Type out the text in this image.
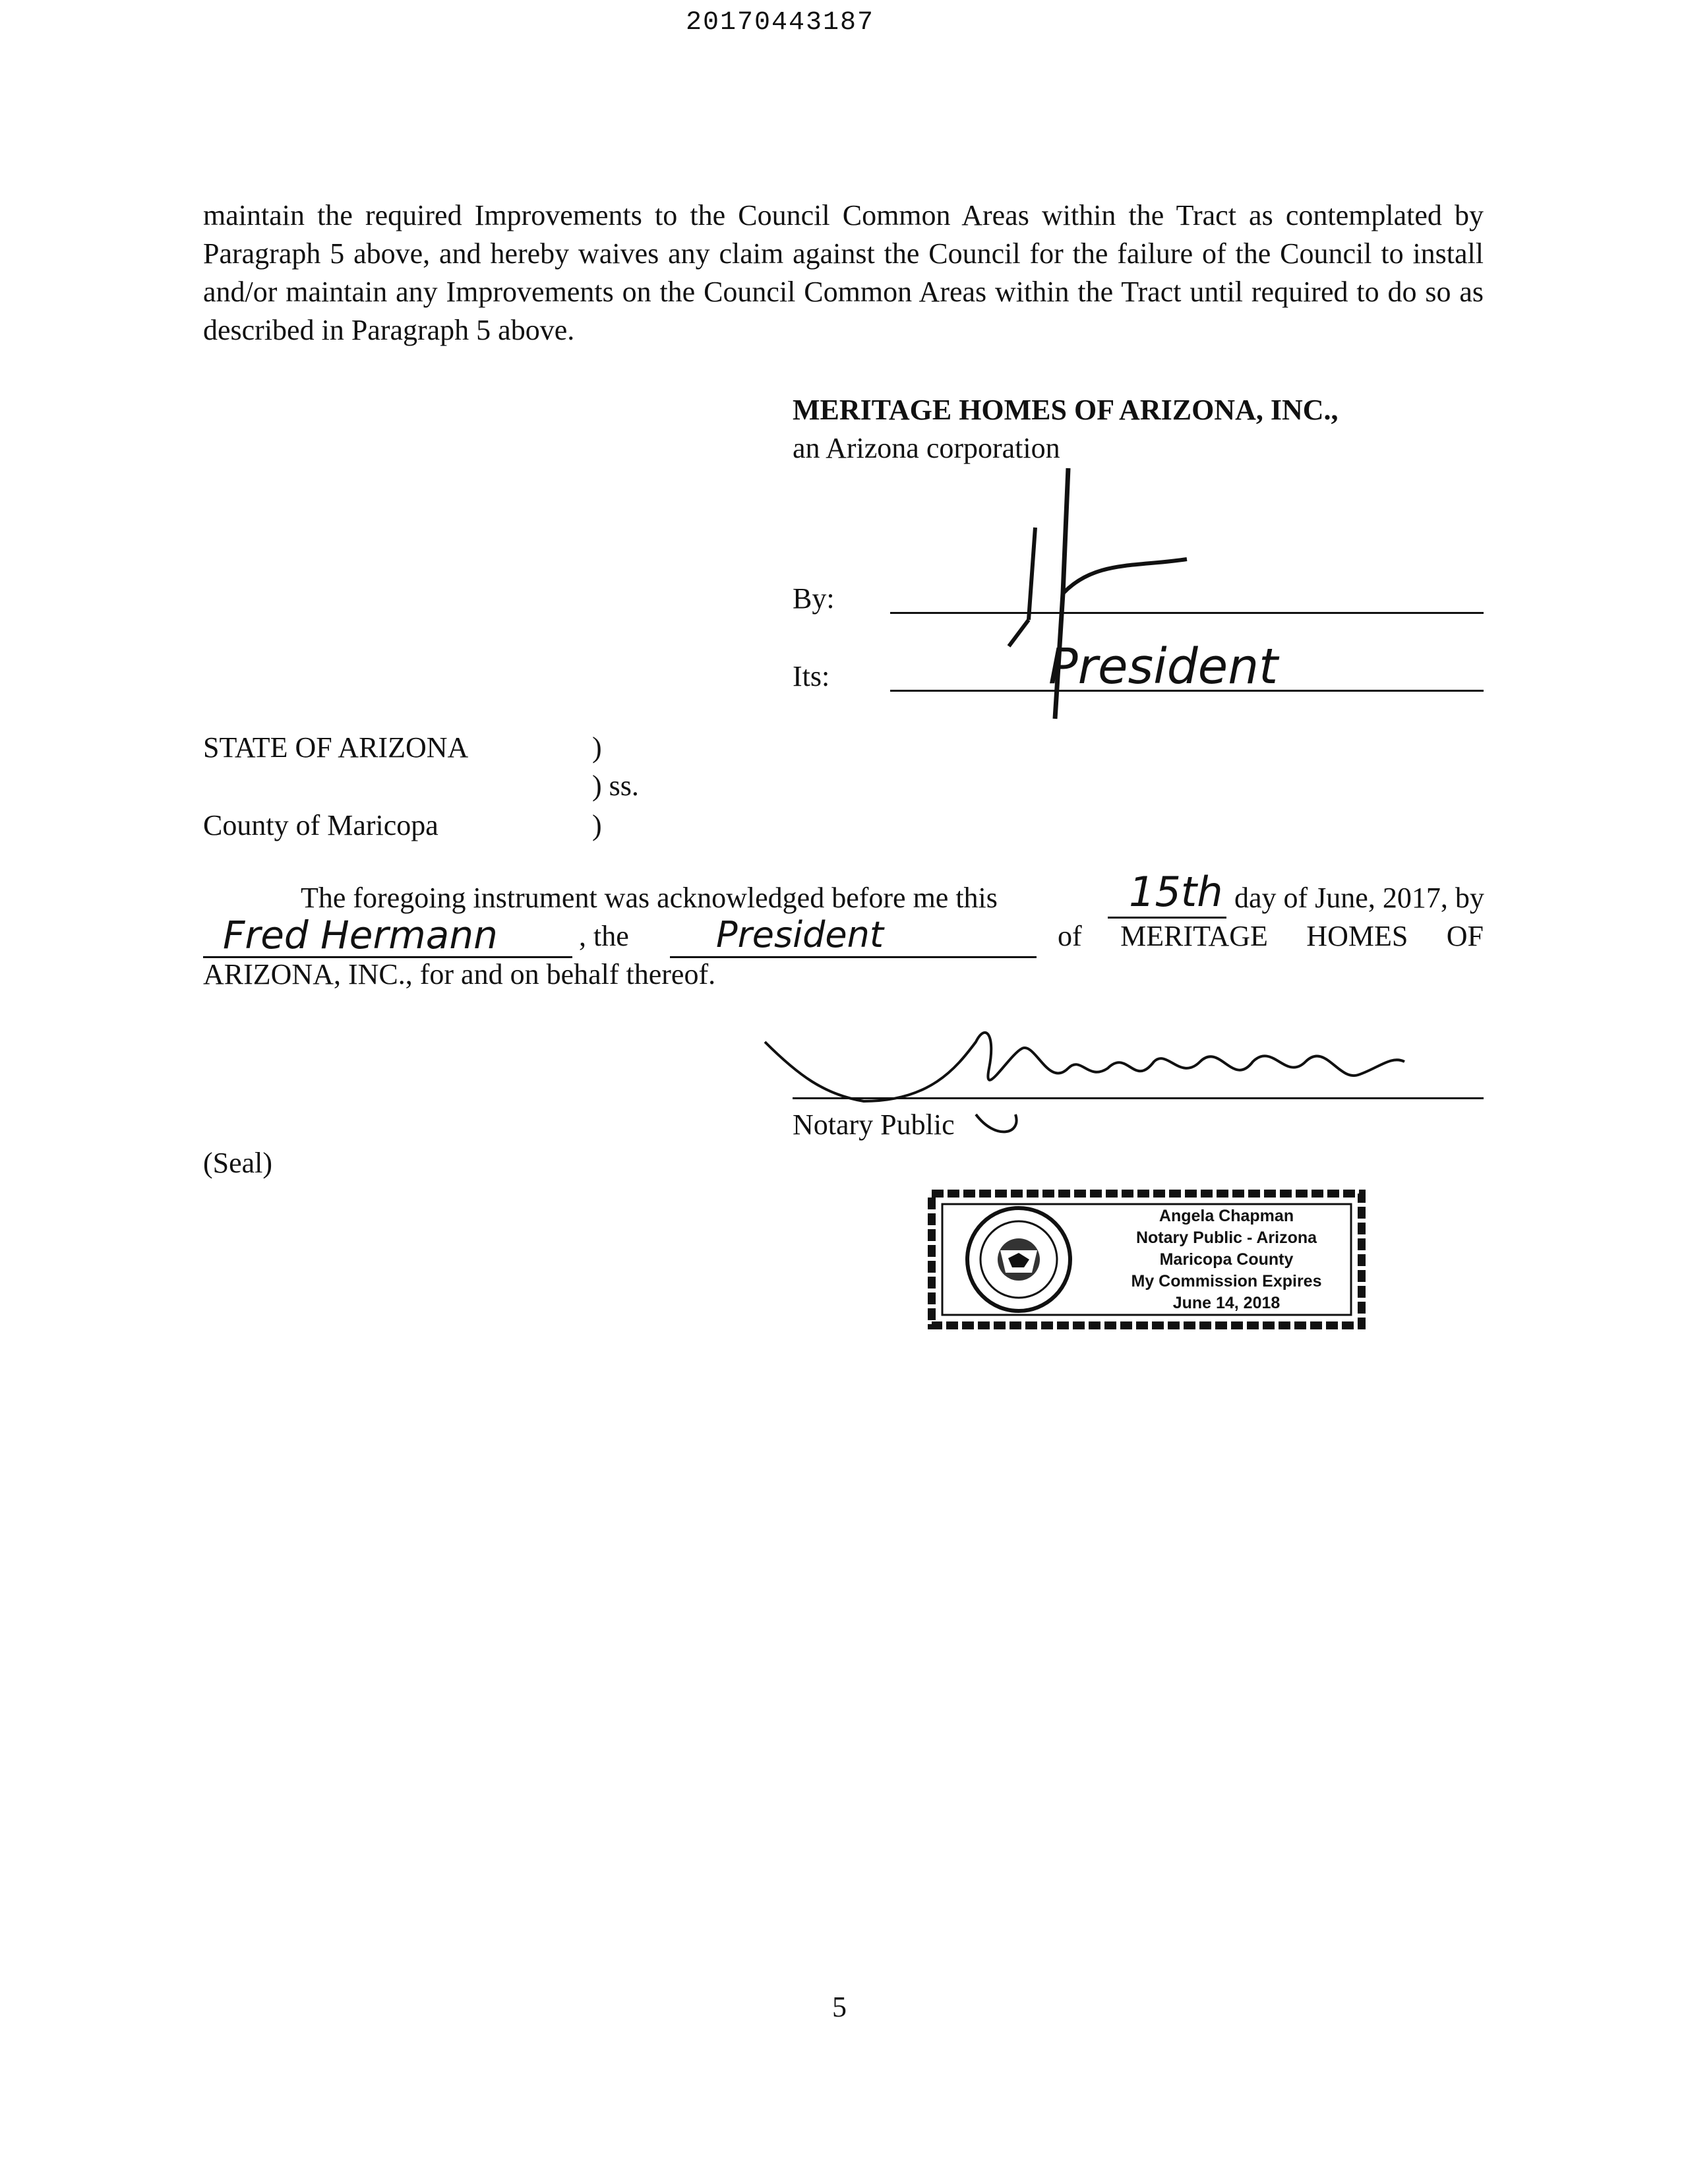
20170443187
maintain the required Improvements to the Council Common Areas within the Tract as contemplated by Paragraph 5 above, and hereby waives any claim against the Council for the failure of the Council to install and/or maintain any Improvements on the Council Common Areas within the Tract until required to do so as described in Paragraph 5 above.
MERITAGE HOMES OF ARIZONA, INC.,
an Arizona corporation
By:
Its:	President
STATE OF ARIZONA	)
) ss.
County of Maricopa	)
The foregoing instrument was acknowledged before me this	15th day of June, 2017, by
Fred Hermann	, the President	of MERITAGE HOMES OF
ARIZONA, INC., for and on behalf thereof.
Notary Public
(Seal)
Angela Chapman
Notary Public - Arizona
Maricopa County
My Commission Expires
June 14, 2018
5
